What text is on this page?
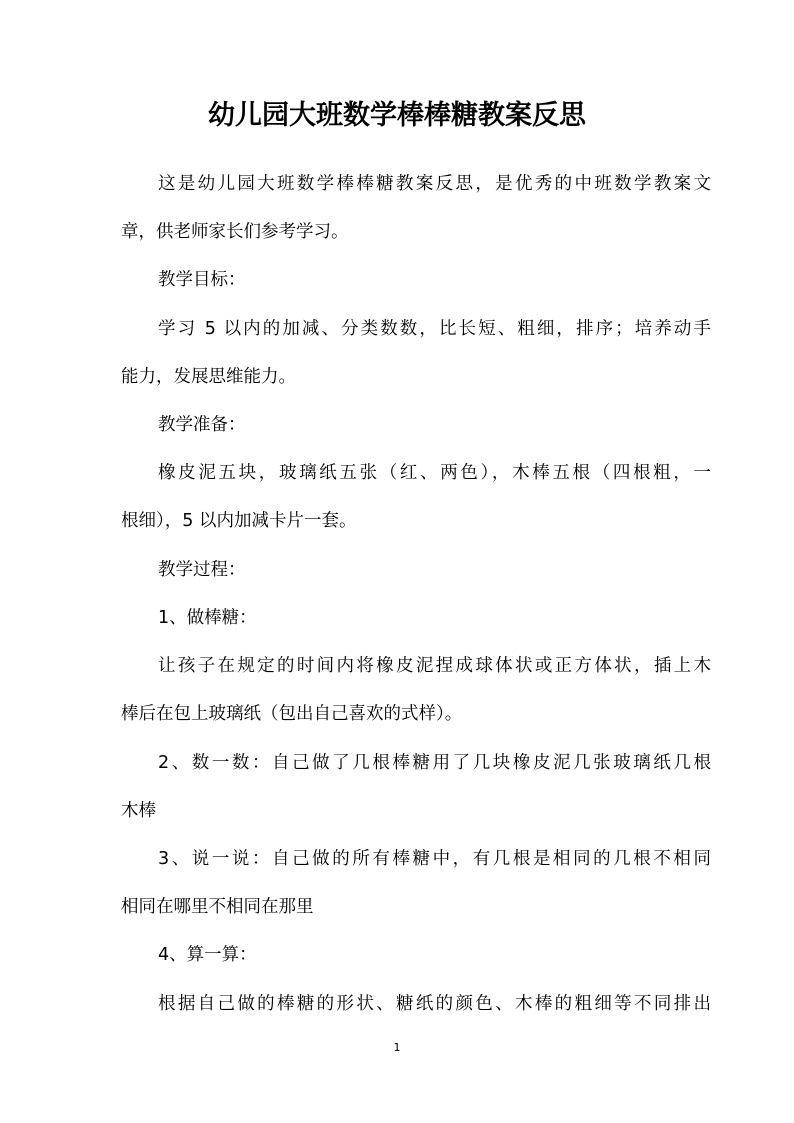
幼儿园大班数学棒棒糖教案反思
这是幼儿园大班数学棒棒糖教案反思，是优秀的中班数学教案文
章，供老师家长们参考学习。
教学目标：
学习 5 以内的加减、分类数数，比长短、粗细，排序；培养动手
能力，发展思维能力。
教学准备：
橡皮泥五块，玻璃纸五张（红、两色），木棒五根（四根粗，一
根细），5 以内加减卡片一套。
教学过程：
1、做棒糖：
让孩子在规定的时间内将橡皮泥捏成球体状或正方体状，插上木
棒后在包上玻璃纸（包出自己喜欢的式样）。
2、数一数：自己做了几根棒糖用了几块橡皮泥几张玻璃纸几根
木棒
3、说一说：自己做的所有棒糖中，有几根是相同的几根不相同
相同在哪里不相同在那里
4、算一算：
根据自己做的棒糖的形状、糖纸的颜色、木棒的粗细等不同排出
1
